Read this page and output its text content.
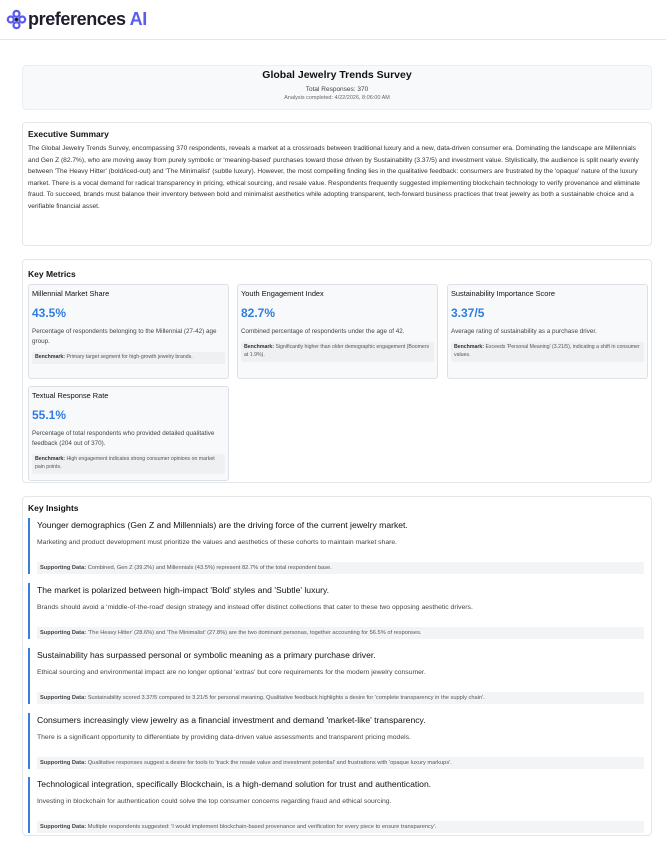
preferences AI
Global Jewelry Trends Survey
Total Responses: 370
Analysis completed: 4/22/2026, 8:06:00 AM
Executive Summary
The Global Jewelry Trends Survey, encompassing 370 respondents, reveals a market at a crossroads between traditional luxury and a new, data-driven consumer era. Dominating the landscape are Millennials and Gen Z (82.7%), who are moving away from purely symbolic or 'meaning-based' purchases toward those driven by Sustainability (3.37/5) and investment value. Stylistically, the audience is split nearly evenly between 'The Heavy Hitter' (bold/iced-out) and 'The Minimalist' (subtle luxury). However, the most compelling finding lies in the qualitative feedback: consumers are frustrated by the 'opaque' nature of the luxury market. There is a vocal demand for radical transparency in pricing, ethical sourcing, and resale value. Respondents frequently suggested implementing blockchain technology to verify provenance and eliminate fraud. To succeed, brands must balance their inventory between bold and minimalist aesthetics while adopting transparent, tech-forward business practices that treat jewelry as both a sustainable choice and a verifiable financial asset.
Key Metrics
Millennial Market Share
43.5%
Percentage of respondents belonging to the Millennial (27-42) age group.
Benchmark: Primary target segment for high-growth jewelry brands.
Youth Engagement Index
82.7%
Combined percentage of respondents under the age of 42.
Benchmark: Significantly higher than older demographic engagement (Boomers at 1.9%).
Sustainability Importance Score
3.37/5
Average rating of sustainability as a purchase driver.
Benchmark: Exceeds 'Personal Meaning' (3.21/5), indicating a shift in consumer values.
Textual Response Rate
55.1%
Percentage of total respondents who provided detailed qualitative feedback (204 out of 370).
Benchmark: High engagement indicates strong consumer opinions on market pain points.
Key Insights
Younger demographics (Gen Z and Millennials) are the driving force of the current jewelry market.
Marketing and product development must prioritize the values and aesthetics of these cohorts to maintain market share.
Supporting Data: Combined, Gen Z (39.2%) and Millennials (43.5%) represent 82.7% of the total respondent base.
The market is polarized between high-impact 'Bold' styles and 'Subtle' luxury.
Brands should avoid a 'middle-of-the-road' design strategy and instead offer distinct collections that cater to these two opposing aesthetic drivers.
Supporting Data: 'The Heavy Hitter' (28.6%) and 'The Minimalist' (27.8%) are the two dominant personas, together accounting for 56.5% of responses.
Sustainability has surpassed personal or symbolic meaning as a primary purchase driver.
Ethical sourcing and environmental impact are no longer optional 'extras' but core requirements for the modern jewelry consumer.
Supporting Data: Sustainability scored 3.37/5 compared to 3.21/5 for personal meaning. Qualitative feedback highlights a desire for 'complete transparency in the supply chain'.
Consumers increasingly view jewelry as a financial investment and demand 'market-like' transparency.
There is a significant opportunity to differentiate by providing data-driven value assessments and transparent pricing models.
Supporting Data: Qualitative responses suggest a desire for tools to 'track the resale value and investment potential' and frustrations with 'opaque luxury markups'.
Technological integration, specifically Blockchain, is a high-demand solution for trust and authentication.
Investing in blockchain for authentication could solve the top consumer concerns regarding fraud and ethical sourcing.
Supporting Data: Multiple respondents suggested: 'I would implement blockchain-based provenance and verification for every piece to ensure transparency'.
